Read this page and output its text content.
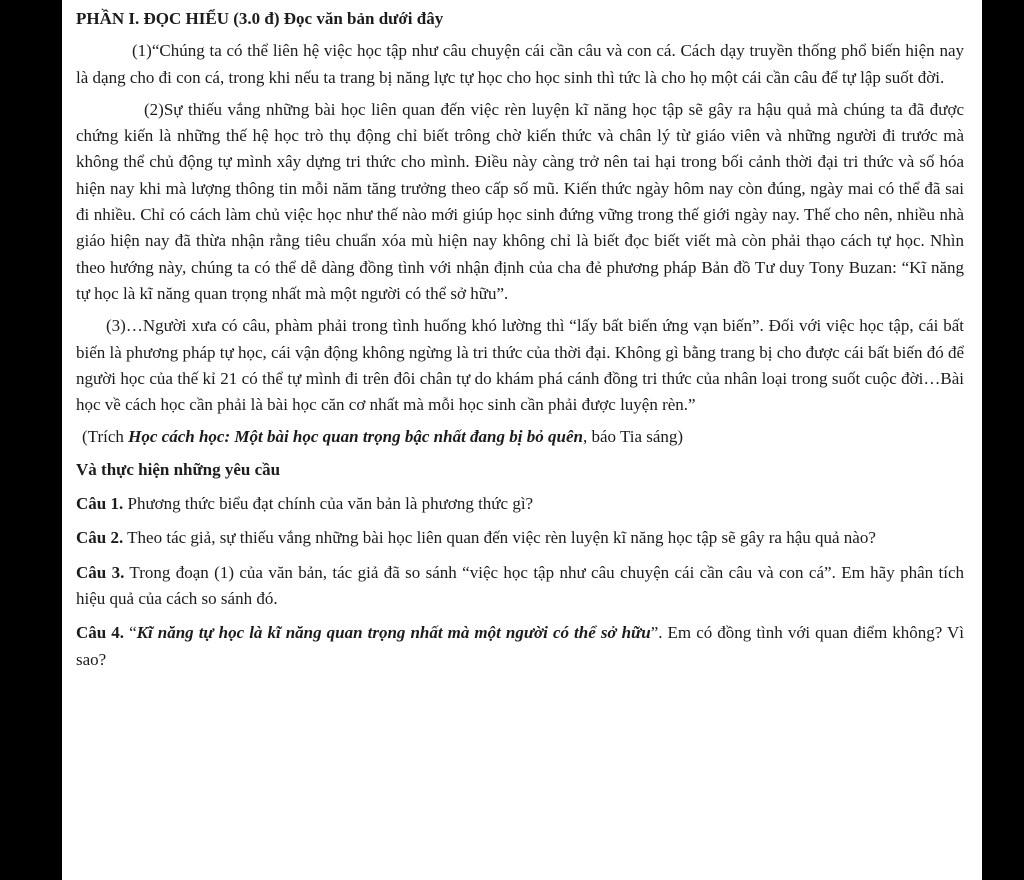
PHẦN I. ĐỌC HIỂU (3.0 đ) Đọc văn bản dưới đây

(1)“Chúng ta có thể liên hệ việc học tập như câu chuyện cái cần câu và con cá. Cách dạy truyền thống phổ biến hiện nay là dạng cho đi con cá, trong khi nếu ta trang bị năng lực tự học cho học sinh thì tức là cho họ một cái cần câu để tự lập suốt đời.

(2)Sự thiếu vắng những bài học liên quan đến việc rèn luyện kĩ năng học tập sẽ gây ra hậu quả mà chúng ta đã được chứng kiến là những thế hệ học trò thụ động chỉ biết trông chờ kiến thức và chân lý từ giáo viên và những người đi trước mà không thể chủ động tự mình xây dựng tri thức cho mình. Điều này càng trở nên tai hại trong bối cảnh thời đại tri thức và số hóa hiện nay khi mà lượng thông tin mỗi năm tăng trưởng theo cấp số mũ. Kiến thức ngày hôm nay còn đúng, ngày mai có thể đã sai đi nhiều. Chỉ có cách làm chủ việc học như thế nào mới giúp học sinh đứng vững trong thế giới ngày nay. Thế cho nên, nhiều nhà giáo hiện nay đã thừa nhận rằng tiêu chuẩn xóa mù hiện nay không chỉ là biết đọc biết viết mà còn phải thạo cách tự học. Nhìn theo hướng này, chúng ta có thể dễ dàng đồng tình với nhận định của cha đẻ phương pháp Bản đồ Tư duy Tony Buzan: “Kĩ năng tự học là kĩ năng quan trọng nhất mà một người có thể sở hữu”.

(3)…Người xưa có câu, phàm phải trong tình huống khó lường thì “lấy bất biến ứng vạn biến”. Đối với việc học tập, cái bất biến là phương pháp tự học, cái vận động không ngừng là tri thức của thời đại. Không gì bằng trang bị cho được cái bất biến đó để người học của thế kỉ 21 có thể tự mình đi trên đôi chân tự do khám phá cánh đồng tri thức của nhân loại trong suốt cuộc đời…Bài học về cách học cần phải là bài học căn cơ nhất mà mỗi học sinh cần phải được luyện rèn.”

(Trích Học cách học: Một bài học quan trọng bậc nhất đang bị bỏ quên, báo Tia sáng)

Và thực hiện những yêu cầu

Câu 1. Phương thức biểu đạt chính của văn bản là phương thức gì?

Câu 2. Theo tác giả, sự thiếu vắng những bài học liên quan đến việc rèn luyện kĩ năng học tập sẽ gây ra hậu quả nào?

Câu 3. Trong đoạn (1) của văn bản, tác giả đã so sánh “việc học tập như câu chuyện cái cần câu và con cá”. Em hãy phân tích hiệu quả của cách so sánh đó.

Câu 4. “Kĩ năng tự học là kĩ năng quan trọng nhất mà một người có thể sở hữu”. Em có đồng tình với quan điểm không? Vì sao?
